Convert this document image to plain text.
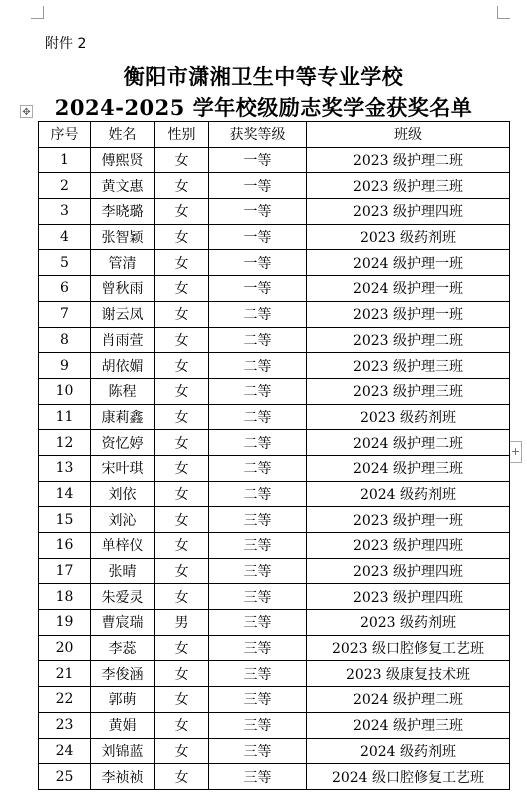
附件 2
衡阳市潇湘卫生中等专业学校
2024-2025 学年校级励志奖学金获奖名单
✥
+
序号	姓名	性别	获奖等级	班级
1	傅熙贤	女	一等	2023 级护理二班
2	黄文惠	女	一等	2023 级护理三班
3	李晓璐	女	一等	2023 级护理四班
4	张智颖	女	一等	2023 级药剂班
5	管清	女	一等	2024 级护理一班
6	曾秋雨	女	一等	2024 级护理一班
7	谢云凤	女	二等	2023 级护理一班
8	肖雨萱	女	二等	2023 级护理二班
9	胡依媚	女	二等	2023 级护理三班
10	陈程	女	二等	2023 级护理三班
11	康莉鑫	女	二等	2023 级药剂班
12	资忆婷	女	二等	2024 级护理二班
13	宋叶琪	女	二等	2024 级护理三班
14	刘依	女	二等	2024 级药剂班
15	刘沁	女	三等	2023 级护理一班
16	单梓仪	女	三等	2023 级护理四班
17	张晴	女	三等	2023 级护理四班
18	朱爱灵	女	三等	2023 级护理四班
19	曹宸瑞	男	三等	2023 级药剂班
20	李蕊	女	三等	2023 级口腔修复工艺班
21	李俊涵	女	三等	2023 级康复技术班
22	郭萌	女	三等	2024 级护理二班
23	黄娟	女	三等	2024 级护理三班
24	刘锦蓝	女	三等	2024 级药剂班
25	李祯祯	女	三等	2024 级口腔修复工艺班
